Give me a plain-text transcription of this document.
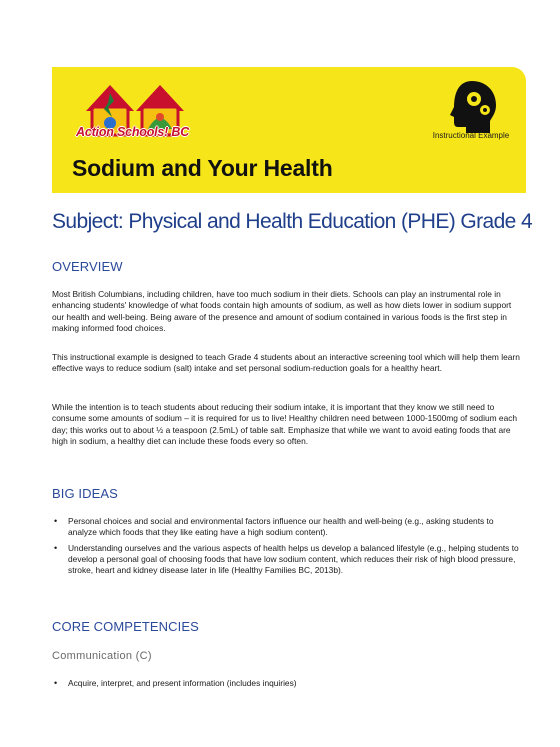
Action Schools! BC	Instructional Example
Sodium and Your Health
Subject: Physical and Health Education (PHE) Grade 4
OVERVIEW

Most British Columbians, including children, have too much sodium in their diets. Schools can play an instrumental role in enhancing students' knowledge of what foods contain high amounts of sodium, as well as how diets lower in sodium support our health and well-being. Being aware of the presence and amount of sodium contained in various foods is the first step in making informed food choices.

This instructional example is designed to teach Grade 4 students about an interactive screening tool which will help them learn effective ways to reduce sodium (salt) intake and set personal sodium-reduction goals for a healthy heart.

While the intention is to teach students about reducing their sodium intake, it is important that they know we still need to consume some amounts of sodium – it is required for us to live! Healthy children need between 1000-1500mg of sodium each day; this works out to about ½ a teaspoon (2.5mL) of table salt. Emphasize that while we want to avoid eating foods that are high in sodium, a healthy diet can include these foods every so often.

BIG IDEAS
• Personal choices and social and environmental factors influence our health and well-being (e.g., asking students to analyze which foods that they like eating have a high sodium content).
• Understanding ourselves and the various aspects of health helps us develop a balanced lifestyle (e.g., helping students to develop a personal goal of choosing foods that have low sodium content, which reduces their risk of high blood pressure, stroke, heart and kidney disease later in life (Healthy Families BC, 2013b).
CORE COMPETENCIES
Communication (C)
• Acquire, interpret, and present information (includes inquiries)
